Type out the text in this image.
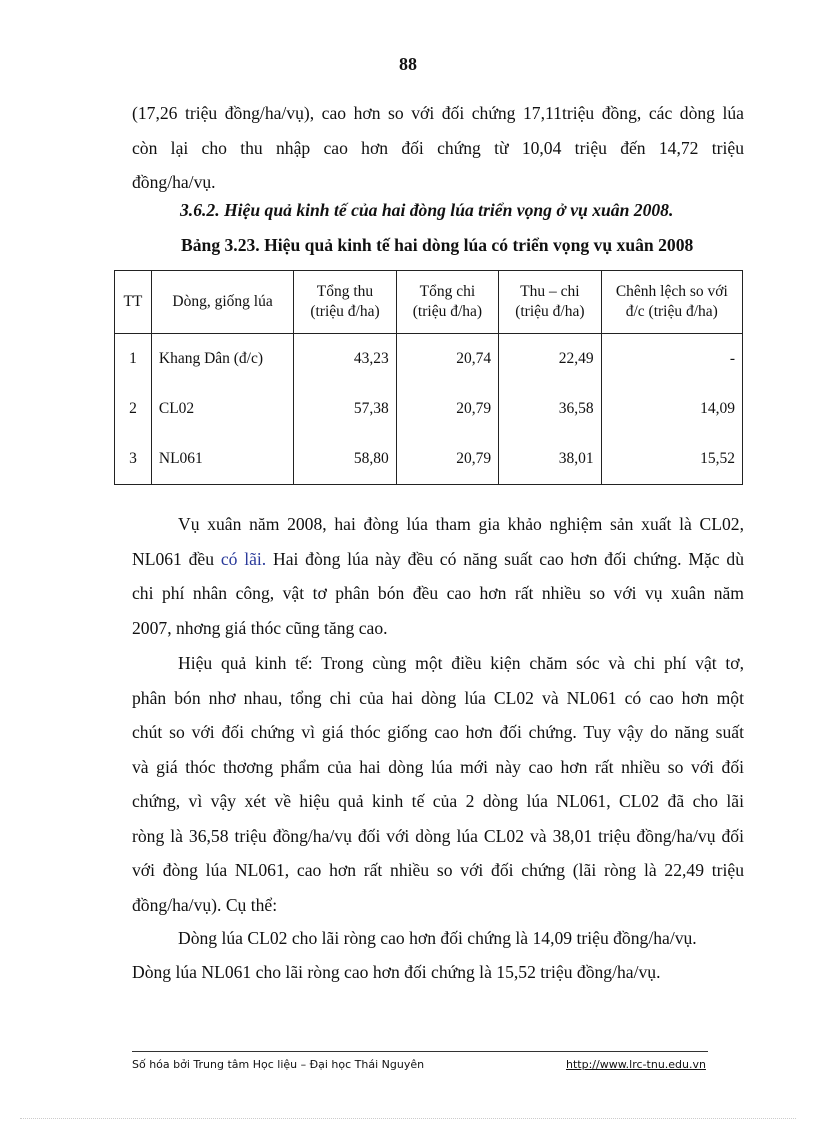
88
(17,26 triệu đồng/ha/vụ), cao hơn so với đối chứng 17,11triệu đồng, các dòng lúa
còn lại cho thu nhập cao hơn đối chứng từ 10,04 triệu đến 14,72 triệu
đồng/ha/vụ.
3.6.2. Hiệu quả kinh tế của hai đòng lúa triển vọng ở vụ xuân 2008.
Bảng 3.23. Hiệu quả kinh tế hai dòng lúa có triển vọng vụ xuân 2008
TT	Dòng, giống lúa	Tổng thu (triệu đ/ha)	Tổng chi (triệu đ/ha)	Thu – chi (triệu đ/ha)	Chênh lệch so với đ/c (triệu đ/ha)
1	Khang Dân (đ/c)	43,23	20,74	22,49	-
2	CL02	57,38	20,79	36,58	14,09
3	NL061	58,80	20,79	38,01	15,52
Vụ xuân năm 2008, hai đòng lúa tham gia khảo nghiệm sản xuất là CL02,
NL061 đều có lãi. Hai đòng lúa này đều có năng suất cao hơn đối chứng. Mặc dù
chi phí nhân công, vật tơ phân bón đều cao hơn rất nhiều so với vụ xuân năm
2007, nhơng giá thóc cũng tăng cao.
Hiệu quả kinh tế: Trong cùng một điều kiện chăm sóc và chi phí vật tơ,
phân bón nhơ nhau, tổng chi của hai dòng lúa CL02 và NL061 có cao hơn một
chút so với đối chứng vì giá thóc giống cao hơn đối chứng. Tuy vậy do năng suất
và giá thóc thơơng phẩm của hai dòng lúa mới này cao hơn rất nhiều so với đối
chứng, vì vậy xét về hiệu quả kinh tế của 2 dòng lúa NL061, CL02 đã cho lãi
ròng là 36,58 triệu đồng/ha/vụ đối với dòng lúa CL02 và 38,01 triệu đồng/ha/vụ đối
với đòng lúa NL061, cao hơn rất nhiều so với đối chứng (lãi ròng là 22,49 triệu
đồng/ha/vụ). Cụ thể:
Dòng lúa CL02 cho lãi ròng cao hơn đối chứng là 14,09 triệu đồng/ha/vụ.
Dòng lúa NL061 cho lãi ròng cao hơn đối chứng là 15,52 triệu đồng/ha/vụ.
Số hóa bởi Trung tâm Học liệu – Đại học Thái Nguyên	http://www.lrc-tnu.edu.vn
